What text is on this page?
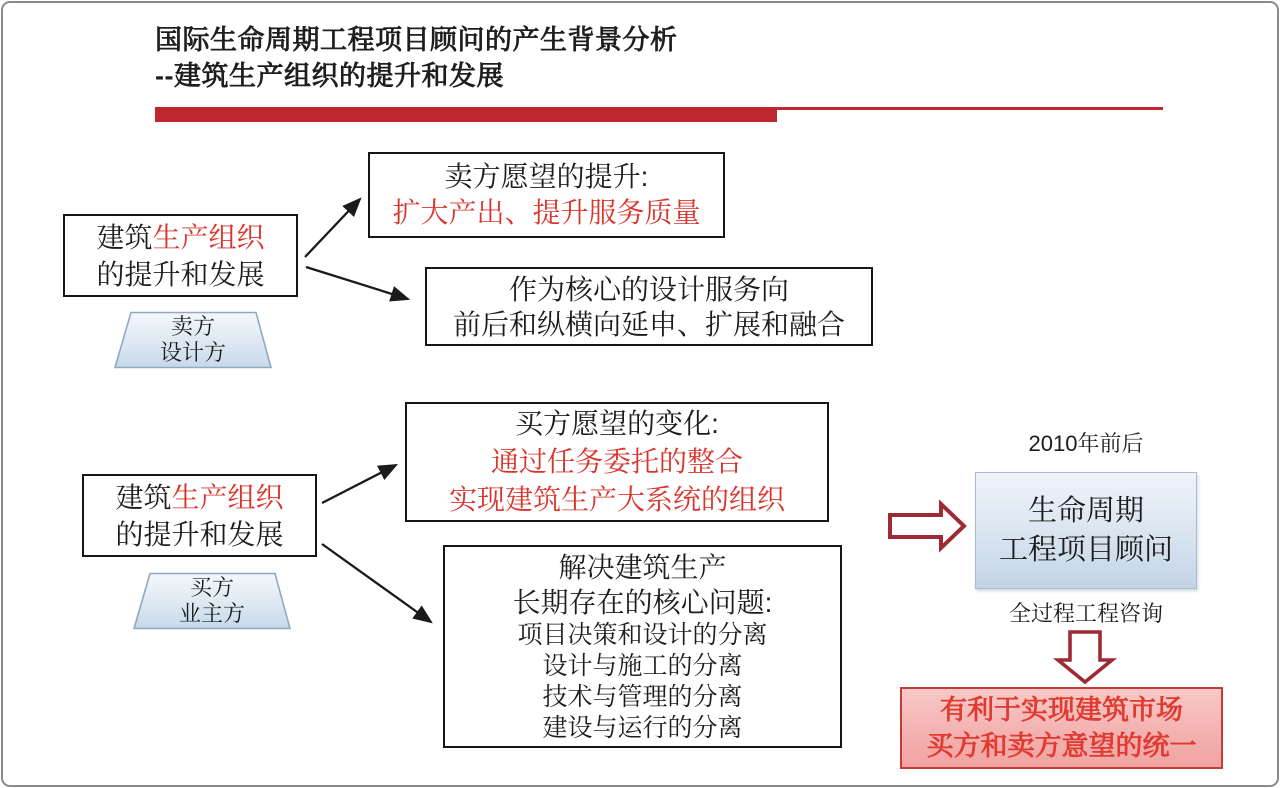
国际生命周期工程项目顾问的产生背景分析
--建筑生产组织的提升和发展
建筑生产组织
的提升和发展
卖方
设计方
卖方愿望的提升:
扩大产出、提升服务质量
作为核心的设计服务向
前后和纵横向延申、扩展和融合
建筑生产组织
的提升和发展
买方
业主方
买方愿望的变化:
通过任务委托的整合
实现建筑生产大系统的组织
解决建筑生产
长期存在的核心问题:
项目决策和设计的分离
设计与施工的分离
技术与管理的分离
建设与运行的分离
2010年前后
生命周期
工程项目顾问
全过程工程咨询
有利于实现建筑市场
买方和卖方意望的统一
